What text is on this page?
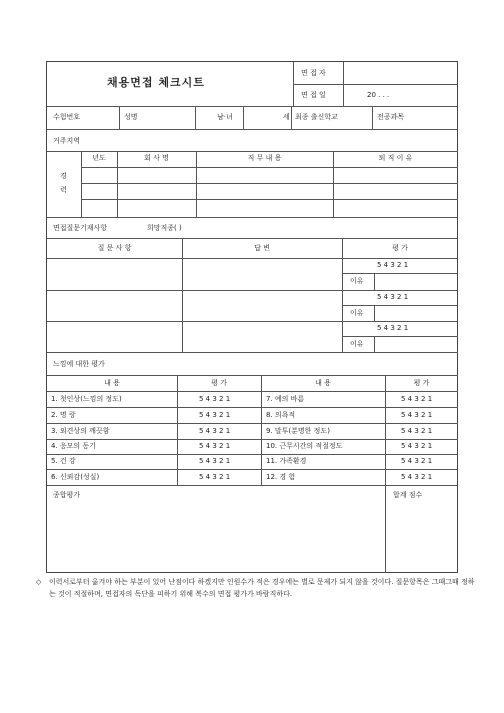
채용면접 체크시트
면 접 자
면 접 일	20 . . .
수험번호	성명	남·녀	세 최종 출신학교	전공과목
거주지역
경
력
년도	회 사 명	직 무 내 용	퇴 직 이 유
면접질문기재사항	희망직종( )
질 문 사 항	답 변	평 가
5 4 3 2 1
이유
5 4 3 2 1
이유
5 4 3 2 1
이유
느낌에 대한 평가
내 용	평 가	내 용	평 가
1. 첫인상(느낌의 정도)	5 4 3 2 1	7. 예의 바름	5 4 3 2 1
2. 명 랑	5 4 3 2 1	8. 의욕적	5 4 3 2 1
3. 외견상의 깨끗함	5 4 3 2 1	9. 말투(분명한 정도)	5 4 3 2 1
4. 응모의 동기	5 4 3 2 1	10. 근무시간의 적절정도	5 4 3 2 1
5. 건 강	5 4 3 2 1	11. 가족환경	5 4 3 2 1
6. 신뢰감(성실)	5 4 3 2 1	12. 경 험	5 4 3 2 1
종합평가	합계 점수
◇	이력서로부터 옮겨야 하는 부분이 있어 난점이다 하겠지만 인원수가 적은 경우에는 별로 문제가 되지 않을 것이다. 질문항목은 그때그때 정하는 것이 적절하며, 면접자의 독단을 피하기 위해 복수의 면접 평가가 바람직하다.
